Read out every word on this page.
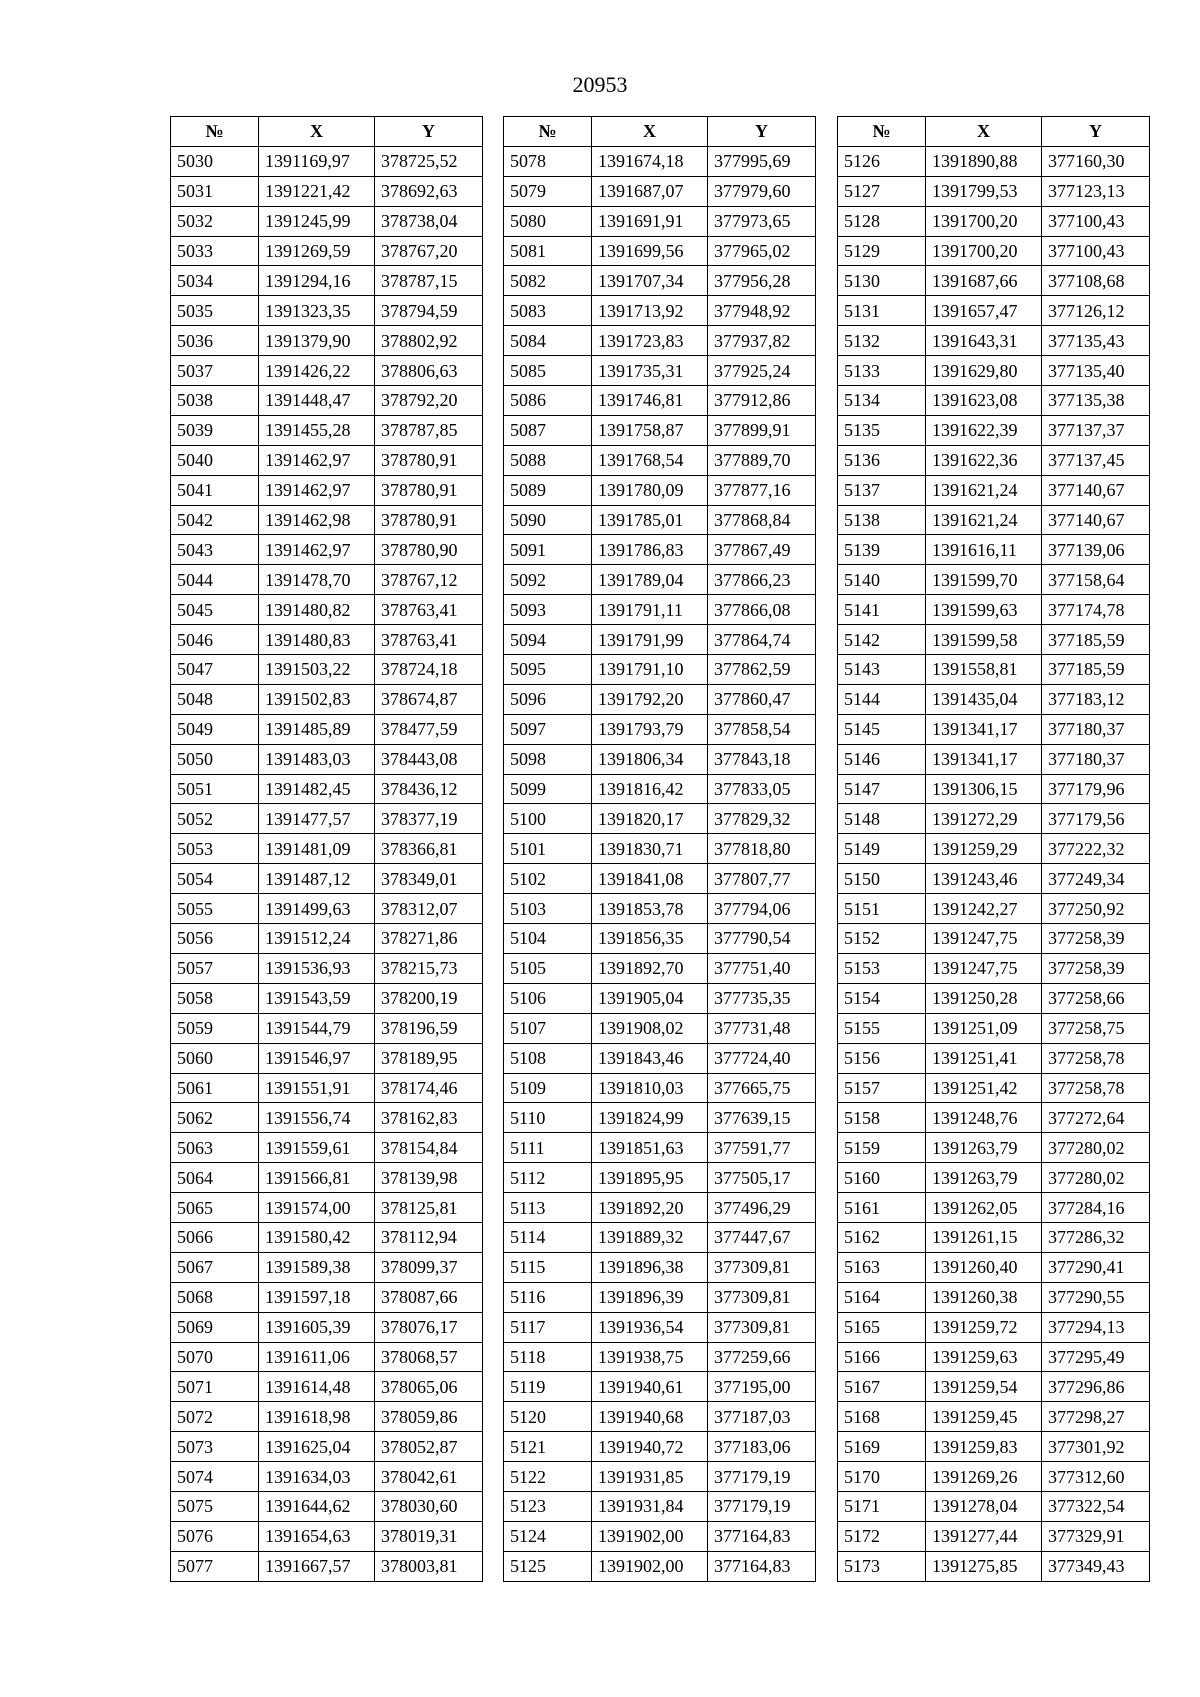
20953
№	X	Y
5030	1391169,97	378725,52
5031	1391221,42	378692,63
5032	1391245,99	378738,04
5033	1391269,59	378767,20
5034	1391294,16	378787,15
5035	1391323,35	378794,59
5036	1391379,90	378802,92
5037	1391426,22	378806,63
5038	1391448,47	378792,20
5039	1391455,28	378787,85
5040	1391462,97	378780,91
5041	1391462,97	378780,91
5042	1391462,98	378780,91
5043	1391462,97	378780,90
5044	1391478,70	378767,12
5045	1391480,82	378763,41
5046	1391480,83	378763,41
5047	1391503,22	378724,18
5048	1391502,83	378674,87
5049	1391485,89	378477,59
5050	1391483,03	378443,08
5051	1391482,45	378436,12
5052	1391477,57	378377,19
5053	1391481,09	378366,81
5054	1391487,12	378349,01
5055	1391499,63	378312,07
5056	1391512,24	378271,86
5057	1391536,93	378215,73
5058	1391543,59	378200,19
5059	1391544,79	378196,59
5060	1391546,97	378189,95
5061	1391551,91	378174,46
5062	1391556,74	378162,83
5063	1391559,61	378154,84
5064	1391566,81	378139,98
5065	1391574,00	378125,81
5066	1391580,42	378112,94
5067	1391589,38	378099,37
5068	1391597,18	378087,66
5069	1391605,39	378076,17
5070	1391611,06	378068,57
5071	1391614,48	378065,06
5072	1391618,98	378059,86
5073	1391625,04	378052,87
5074	1391634,03	378042,61
5075	1391644,62	378030,60
5076	1391654,63	378019,31
5077	1391667,57	378003,81
№	X	Y
5078	1391674,18	377995,69
5079	1391687,07	377979,60
5080	1391691,91	377973,65
5081	1391699,56	377965,02
5082	1391707,34	377956,28
5083	1391713,92	377948,92
5084	1391723,83	377937,82
5085	1391735,31	377925,24
5086	1391746,81	377912,86
5087	1391758,87	377899,91
5088	1391768,54	377889,70
5089	1391780,09	377877,16
5090	1391785,01	377868,84
5091	1391786,83	377867,49
5092	1391789,04	377866,23
5093	1391791,11	377866,08
5094	1391791,99	377864,74
5095	1391791,10	377862,59
5096	1391792,20	377860,47
5097	1391793,79	377858,54
5098	1391806,34	377843,18
5099	1391816,42	377833,05
5100	1391820,17	377829,32
5101	1391830,71	377818,80
5102	1391841,08	377807,77
5103	1391853,78	377794,06
5104	1391856,35	377790,54
5105	1391892,70	377751,40
5106	1391905,04	377735,35
5107	1391908,02	377731,48
5108	1391843,46	377724,40
5109	1391810,03	377665,75
5110	1391824,99	377639,15
5111	1391851,63	377591,77
5112	1391895,95	377505,17
5113	1391892,20	377496,29
5114	1391889,32	377447,67
5115	1391896,38	377309,81
5116	1391896,39	377309,81
5117	1391936,54	377309,81
5118	1391938,75	377259,66
5119	1391940,61	377195,00
5120	1391940,68	377187,03
5121	1391940,72	377183,06
5122	1391931,85	377179,19
5123	1391931,84	377179,19
5124	1391902,00	377164,83
5125	1391902,00	377164,83
№	X	Y
5126	1391890,88	377160,30
5127	1391799,53	377123,13
5128	1391700,20	377100,43
5129	1391700,20	377100,43
5130	1391687,66	377108,68
5131	1391657,47	377126,12
5132	1391643,31	377135,43
5133	1391629,80	377135,40
5134	1391623,08	377135,38
5135	1391622,39	377137,37
5136	1391622,36	377137,45
5137	1391621,24	377140,67
5138	1391621,24	377140,67
5139	1391616,11	377139,06
5140	1391599,70	377158,64
5141	1391599,63	377174,78
5142	1391599,58	377185,59
5143	1391558,81	377185,59
5144	1391435,04	377183,12
5145	1391341,17	377180,37
5146	1391341,17	377180,37
5147	1391306,15	377179,96
5148	1391272,29	377179,56
5149	1391259,29	377222,32
5150	1391243,46	377249,34
5151	1391242,27	377250,92
5152	1391247,75	377258,39
5153	1391247,75	377258,39
5154	1391250,28	377258,66
5155	1391251,09	377258,75
5156	1391251,41	377258,78
5157	1391251,42	377258,78
5158	1391248,76	377272,64
5159	1391263,79	377280,02
5160	1391263,79	377280,02
5161	1391262,05	377284,16
5162	1391261,15	377286,32
5163	1391260,40	377290,41
5164	1391260,38	377290,55
5165	1391259,72	377294,13
5166	1391259,63	377295,49
5167	1391259,54	377296,86
5168	1391259,45	377298,27
5169	1391259,83	377301,92
5170	1391269,26	377312,60
5171	1391278,04	377322,54
5172	1391277,44	377329,91
5173	1391275,85	377349,43
